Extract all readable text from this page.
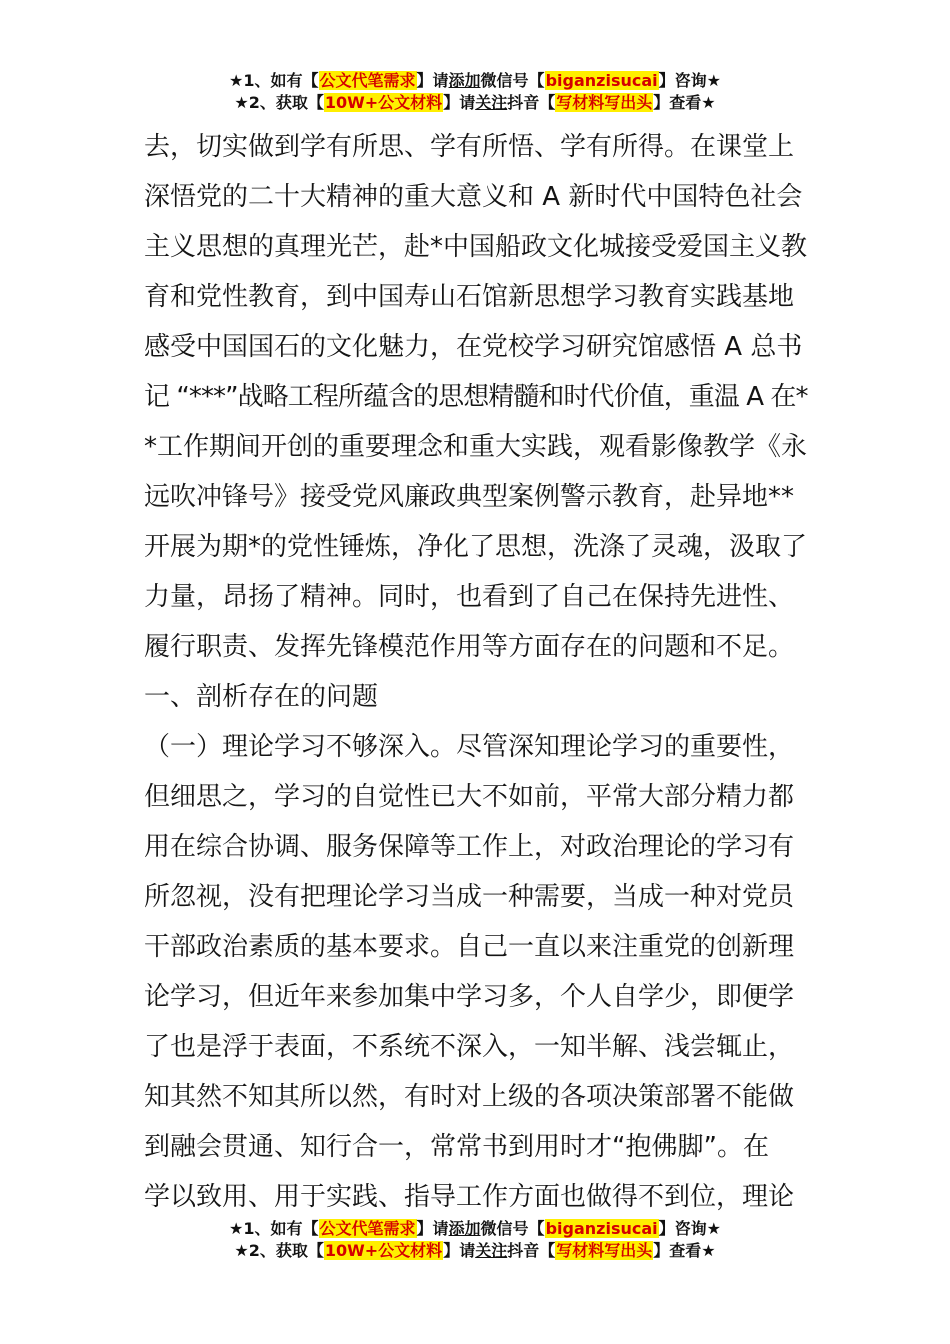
★1、如有【公文代笔需求】请添加微信号【biganzisucai】咨询★
★2、获取【10W+公文材料】请关注抖音【写材料写出头】查看★
去，切实做到学有所思、学有所悟、学有所得。在课堂上
深悟党的二十大精神的重大意义和 A 新时代中国特色社会
主义思想的真理光芒，赴*中国船政文化城接受爱国主义教
育和党性教育，到中国寿山石馆新思想学习教育实践基地
感受中国国石的文化魅力，在党校学习研究馆感悟 A 总书
记 “***”战略工程所蕴含的思想精髓和时代价值，重温 A 在*
*工作期间开创的重要理念和重大实践，观看影像教学《永
远吹冲锋号》接受党风廉政典型案例警示教育，赴异地**
开展为期*的党性锤炼，净化了思想，洗涤了灵魂，汲取了
力量，昂扬了精神。同时，也看到了自己在保持先进性、
履行职责、发挥先锋模范作用等方面存在的问题和不足。
一、剖析存在的问题
（一）理论学习不够深入。尽管深知理论学习的重要性，
但细思之，学习的自觉性已大不如前，平常大部分精力都
用在综合协调、服务保障等工作上，对政治理论的学习有
所忽视，没有把理论学习当成一种需要，当成一种对党员
干部政治素质的基本要求。自己一直以来注重党的创新理
论学习，但近年来参加集中学习多，个人自学少，即便学
了也是浮于表面，不系统不深入，一知半解、浅尝辄止，
知其然不知其所以然，有时对上级的各项决策部署不能做
到融会贯通、知行合一，常常书到用时才“抱佛脚”。在
学以致用、用于实践、指导工作方面也做得不到位，理论
★1、如有【公文代笔需求】请添加微信号【biganzisucai】咨询★
★2、获取【10W+公文材料】请关注抖音【写材料写出头】查看★
